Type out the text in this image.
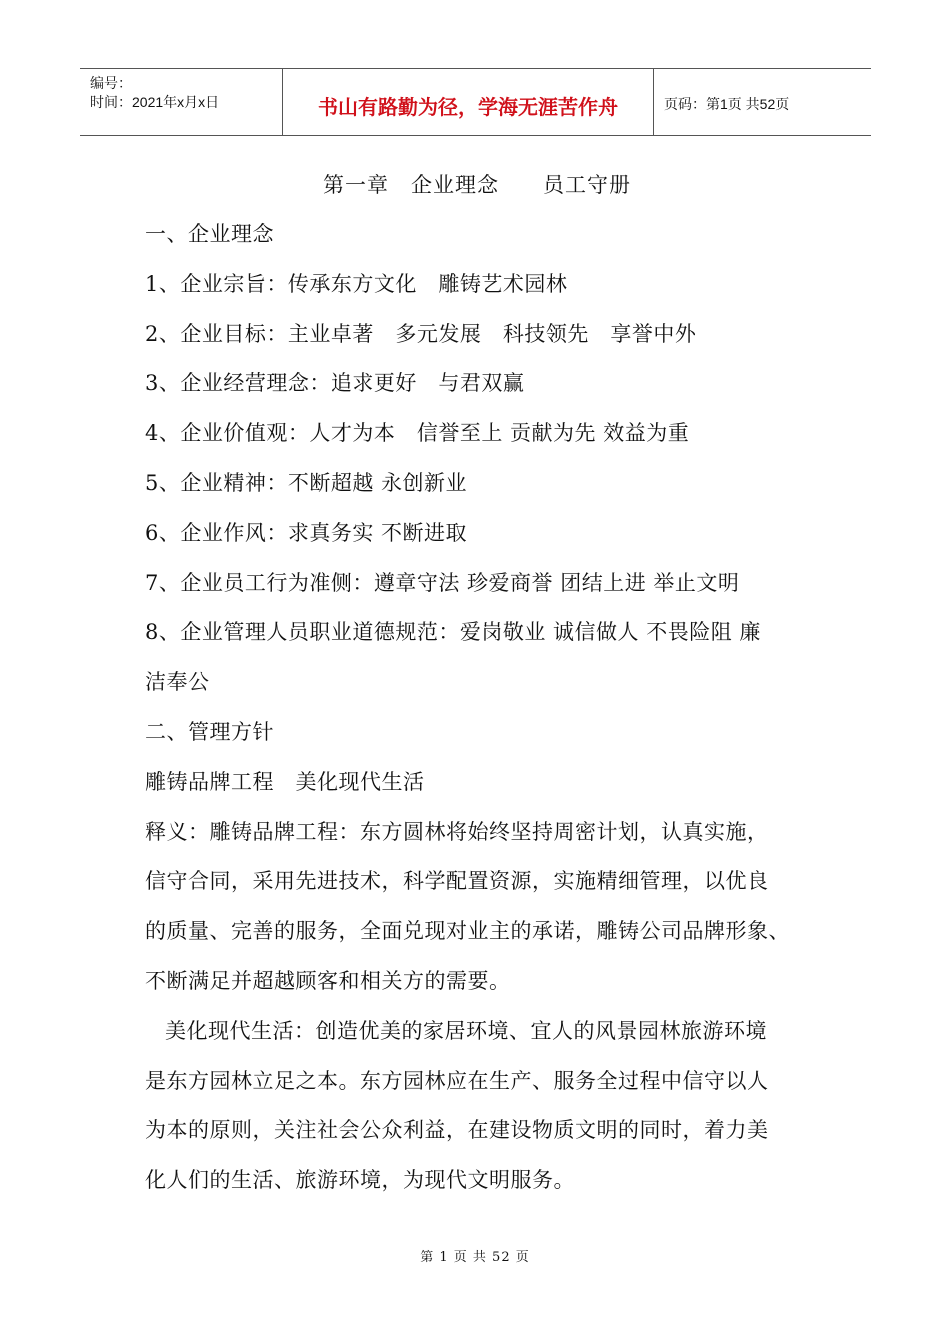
编号：
时间：2021年x月x日	书山有路勤为径，学海无涯苦作舟	页码：第1页 共52页
第一章　企业理念　　员工守册
一、企业理念
1、企业宗旨：传承东方文化　雕铸艺术园林
2、企业目标：主业卓著　多元发展　科技领先　享誉中外
3、企业经营理念：追求更好　与君双赢
4、企业价值观：人才为本　信誉至上 贡献为先 效益为重
5、企业精神：不断超越 永创新业
6、企业作风：求真务实 不断进取
7、企业员工行为准侧：遵章守法 珍爱商誉 团结上进 举止文明
8、企业管理人员职业道德规范：爱岗敬业 诚信做人 不畏险阻 廉
洁奉公
二、管理方针
雕铸品牌工程　美化现代生活
释义：雕铸品牌工程：东方圆林将始终坚持周密计划，认真实施，
信守合同，采用先进技术，科学配置资源，实施精细管理，以优良
的质量、完善的服务，全面兑现对业主的承诺，雕铸公司品牌形象、
不断满足并超越顾客和相关方的需要。
美化现代生活：创造优美的家居环境、宜人的风景园林旅游环境
是东方园林立足之本。东方园林应在生产、服务全过程中信守以人
为本的原则，关注社会公众利益，在建设物质文明的同时，着力美
化人们的生活、旅游环境，为现代文明服务。
第 1 页 共 52 页
